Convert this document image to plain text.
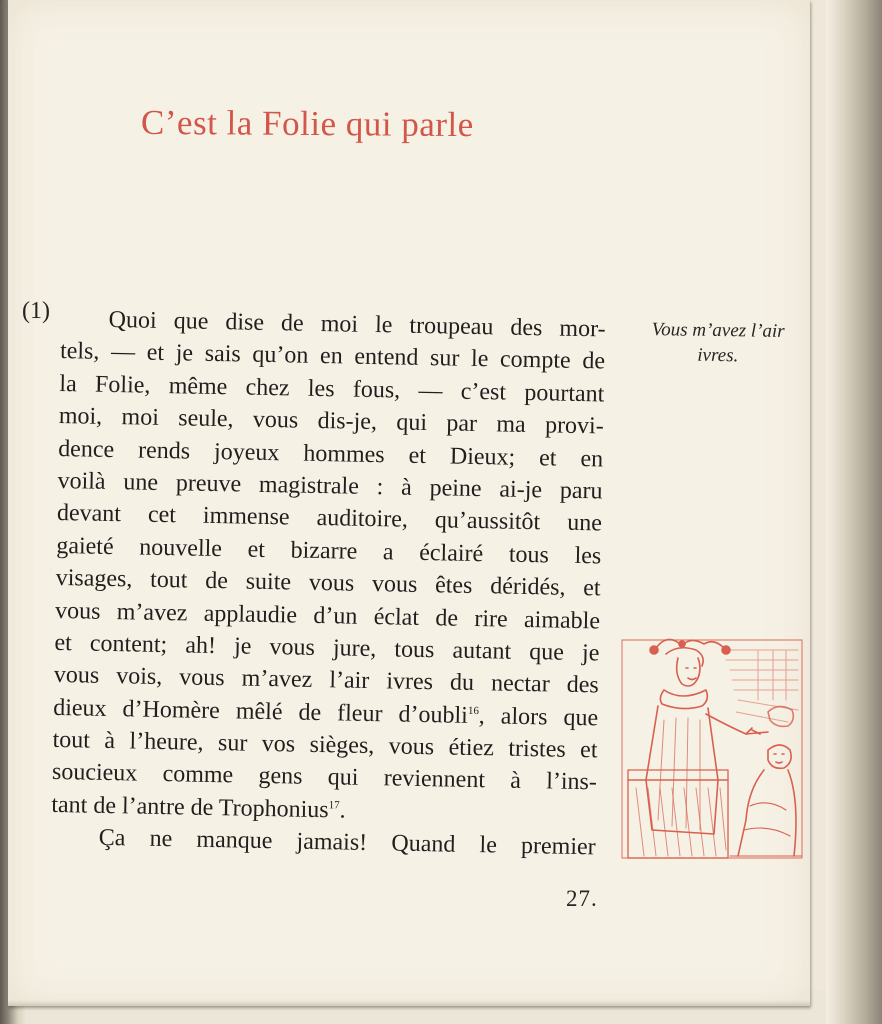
C’est la Folie qui parle
(1)	Quoi que dise de moi le troupeau des mor-
tels, — et je sais qu’on en entend sur le compte de
la Folie, même chez les fous, — c’est pourtant
moi, moi seule, vous dis-je, qui par ma provi-
dence rends joyeux hommes et Dieux; et en
voilà une preuve magistrale : à peine ai-je paru
devant cet immense auditoire, qu’aussitôt une
gaieté nouvelle et bizarre a éclairé tous les
visages, tout de suite vous vous êtes déridés, et
vous m’avez applaudie d’un éclat de rire aimable
et content; ah! je vous jure, tous autant que je
vous vois, vous m’avez l’air ivres du nectar des
dieux d’Homère mêlé de fleur d’oubli$^{16}$, alors que
tout à l’heure, sur vos sièges, vous étiez tristes et
soucieux comme gens qui reviennent à l’ins-
tant de l’antre de Trophonius$^{17}$.
Ça ne manque jamais! Quand le premier
Vous m’avez l’air
ivres.
27.
